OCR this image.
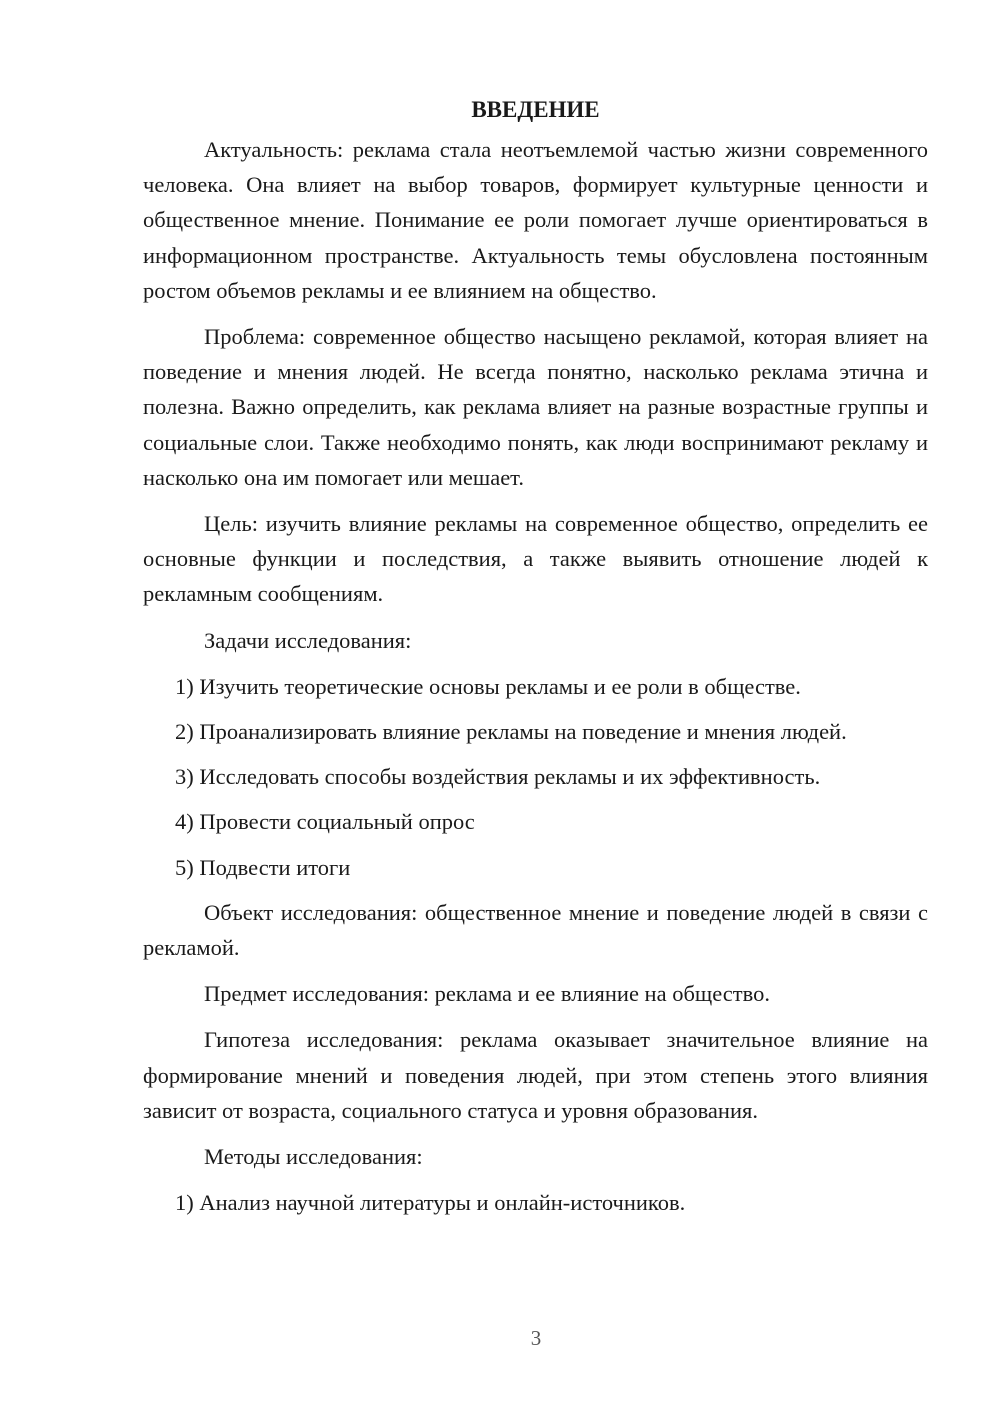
ВВЕДЕНИЕ

Актуальность: реклама стала неотъемлемой частью жизни современного человека. Она влияет на выбор товаров, формирует культурные ценности и общественное мнение. Понимание ее роли помогает лучше ориентироваться в информационном пространстве. Актуальность темы обусловлена постоянным ростом объемов рекламы и ее влиянием на общество.

Проблема: современное общество насыщено рекламой, которая влияет на поведение и мнения людей. Не всегда понятно, насколько реклама этична и полезна. Важно определить, как реклама влияет на разные возрастные группы и социальные слои. Также необходимо понять, как люди воспринимают рекламу и насколько она им помогает или мешает.

Цель: изучить влияние рекламы на современное общество, определить ее основные функции и последствия, а также выявить отношение людей к рекламным сообщениям.

Задачи исследования:

1) Изучить теоретические основы рекламы и ее роли в обществе.

2) Проанализировать влияние рекламы на поведение и мнения людей.

3) Исследовать способы воздействия рекламы и их эффективность.

4) Провести социальный опрос

5) Подвести итоги

Объект исследования: общественное мнение и поведение людей в связи с рекламой.

Предмет исследования: реклама и ее влияние на общество.

Гипотеза исследования: реклама оказывает значительное влияние на формирование мнений и поведения людей, при этом степень этого влияния зависит от возраста, социального статуса и уровня образования.

Методы исследования:

1) Анализ научной литературы и онлайн-источников.

3
